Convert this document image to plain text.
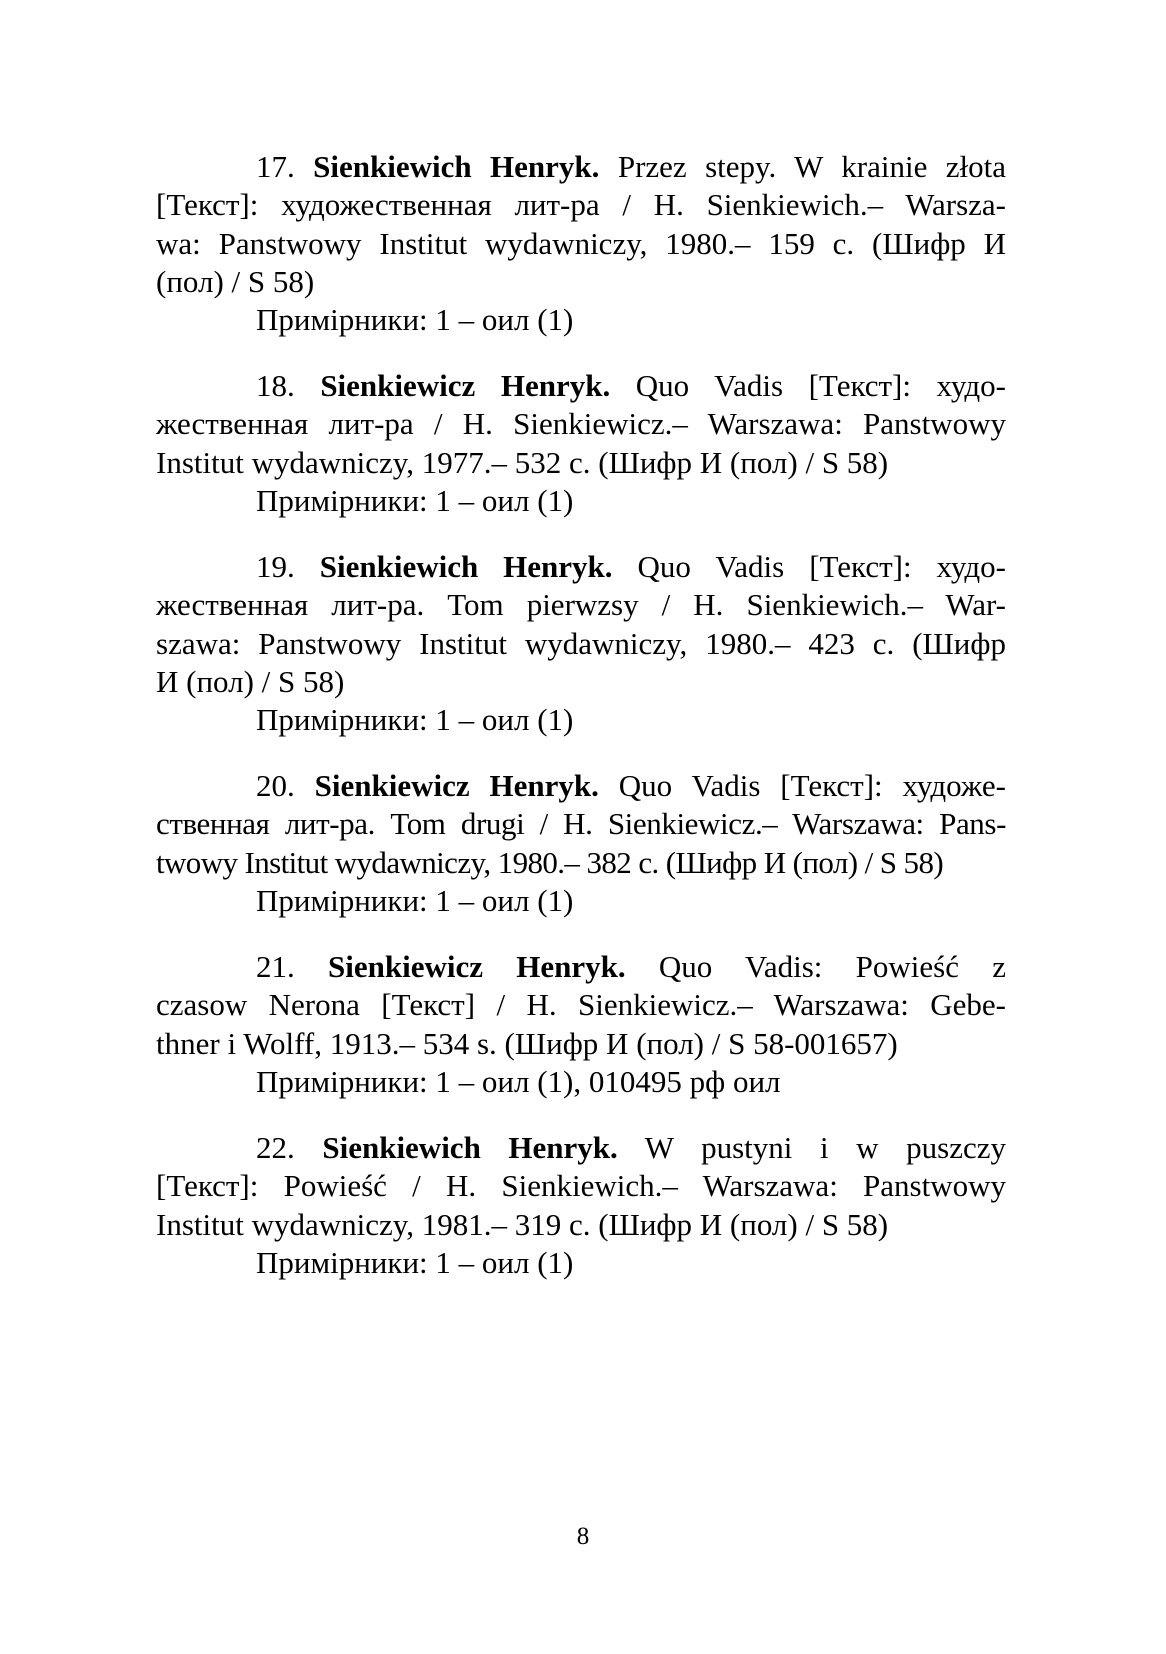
17. Sienkiewich Henryk. Przez stepy. W krainie złota
[Текст]: художественная лит-ра / H. Sienkiewich.– Warsza-
wa: Panstwowy Institut wydawniczy, 1980.– 159 с. (Шифр И
(пол) / S 58)
Примірники: 1 – оил (1)
18. Sienkiewicz Henryk. Quo Vadis [Текст]: худо-
жественная лит-ра / H. Sienkiewicz.– Warszawa: Panstwowy
Institut wydawniczy, 1977.– 532 с. (Шифр И (пол) / S 58)
Примірники: 1 – оил (1)
19. Sienkiewich Henryk. Quo Vadis [Текст]: худо-
жественная лит-ра. Tom pierwzsy / H. Sienkiewich.– War-
szawa: Panstwowy Institut wydawniczy, 1980.– 423 с. (Шифр
И (пол) / S 58)
Примірники: 1 – оил (1)
20. Sienkiewicz Henryk. Quo Vadis [Текст]: художе-
ственная лит-ра. Tom drugi / H. Sienkiewicz.– Warszawa: Pans-
twowy Institut wydawniczy, 1980.– 382 с. (Шифр И (пол) / S 58)
Примірники: 1 – оил (1)
21. Sienkiewicz Henryk. Quo Vadis: Powieść z
czasow Nerona [Текст] / H. Sienkiewicz.– Warszawa: Gebe-
thner i Wolff, 1913.– 534 s. (Шифр И (пол) / S 58-001657)
Примірники: 1 – оил (1), 010495 рф оил
22. Sienkiewich Henryk. W pustyni i w puszczy
[Текст]: Powieść / H. Sienkiewich.– Warszawa: Panstwowy
Institut wydawniczy, 1981.– 319 с. (Шифр И (пол) / S 58)
Примірники: 1 – оил (1)
8
